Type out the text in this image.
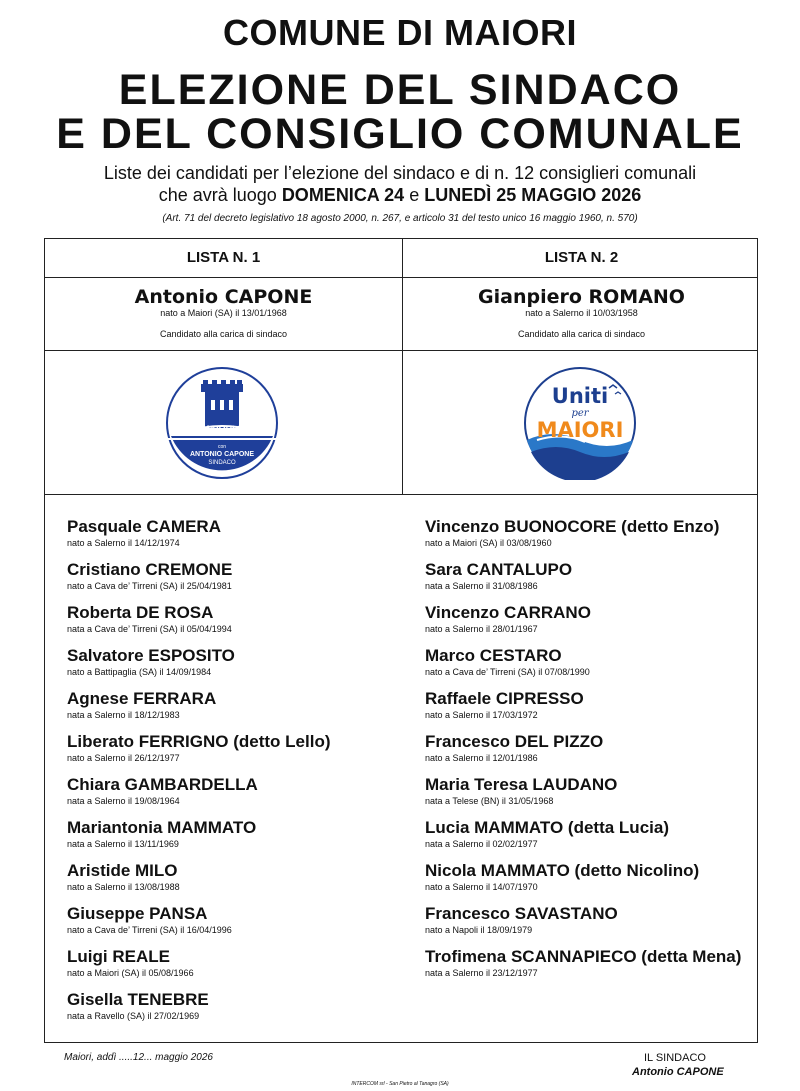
COMUNE DI MAIORI
ELEZIONE DEL SINDACO
E DEL CONSIGLIO COMUNALE
Liste dei candidati per l’elezione del sindaco e di n. 12 consiglieri comunali
che avrà luogo DOMENICA 24 e LUNEDÌ 25 MAGGIO 2026
(Art. 71 del decreto legislativo 18 agosto 2000, n. 267, e articolo 31 del testo unico 16 maggio 1960, n. 570)
LISTA N. 1
Antonio CAPONE
nato a Maiori (SA) il 13/01/1968
Candidato alla carica di sindaco
FORZA MAIORI SEMPRE
con
ANTONIO CAPONE
SINDACO
Pasquale CAMERA
nato a Salerno il 14/12/1974
Cristiano CREMONE
nato a Cava de’ Tirreni (SA) il 25/04/1981
Roberta DE ROSA
nata a Cava de’ Tirreni (SA) il 05/04/1994
Salvatore ESPOSITO
nato a Battipaglia (SA) il 14/09/1984
Agnese FERRARA
nata a Salerno il 18/12/1983
Liberato FERRIGNO (detto Lello)
nato a Salerno il 26/12/1977
Chiara GAMBARDELLA
nata a Salerno il 19/08/1964
Mariantonia MAMMATO
nata a Salerno il 13/11/1969
Aristide MILO
nato a Salerno il 13/08/1988
Giuseppe PANSA
nato a Cava de’ Tirreni (SA) il 16/04/1996
Luigi REALE
nato a Maiori (SA) il 05/08/1966
Gisella TENEBRE
nata a Ravello (SA) il 27/02/1969
LISTA N. 2
Gianpiero ROMANO
nato a Salerno il 10/03/1958
Candidato alla carica di sindaco
Uniti
per
MAIORI
Vincenzo BUONOCORE (detto Enzo)
nato a Maiori (SA) il 03/08/1960
Sara CANTALUPO
nata a Salerno il 31/08/1986
Vincenzo CARRANO
nato a Salerno il 28/01/1967
Marco CESTARO
nato a Cava de’ Tirreni (SA) il 07/08/1990
Raffaele CIPRESSO
nato a Salerno il 17/03/1972
Francesco DEL PIZZO
nato a Salerno il 12/01/1986
Maria Teresa LAUDANO
nata a Telese (BN) il 31/05/1968
Lucia MAMMATO (detta Lucia)
nata a Salerno il 02/02/1977
Nicola MAMMATO (detto Nicolino)
nato a Salerno il 14/07/1970
Francesco SAVASTANO
nato a Napoli il 18/09/1979
Trofimena SCANNAPIECO (detta Mena)
nata a Salerno il 23/12/1977
Maiori, addì .....12... maggio 2026	IL SINDACO
Antonio CAPONE
INTERCOM srl - San Pietro al Tanagro (SA)
